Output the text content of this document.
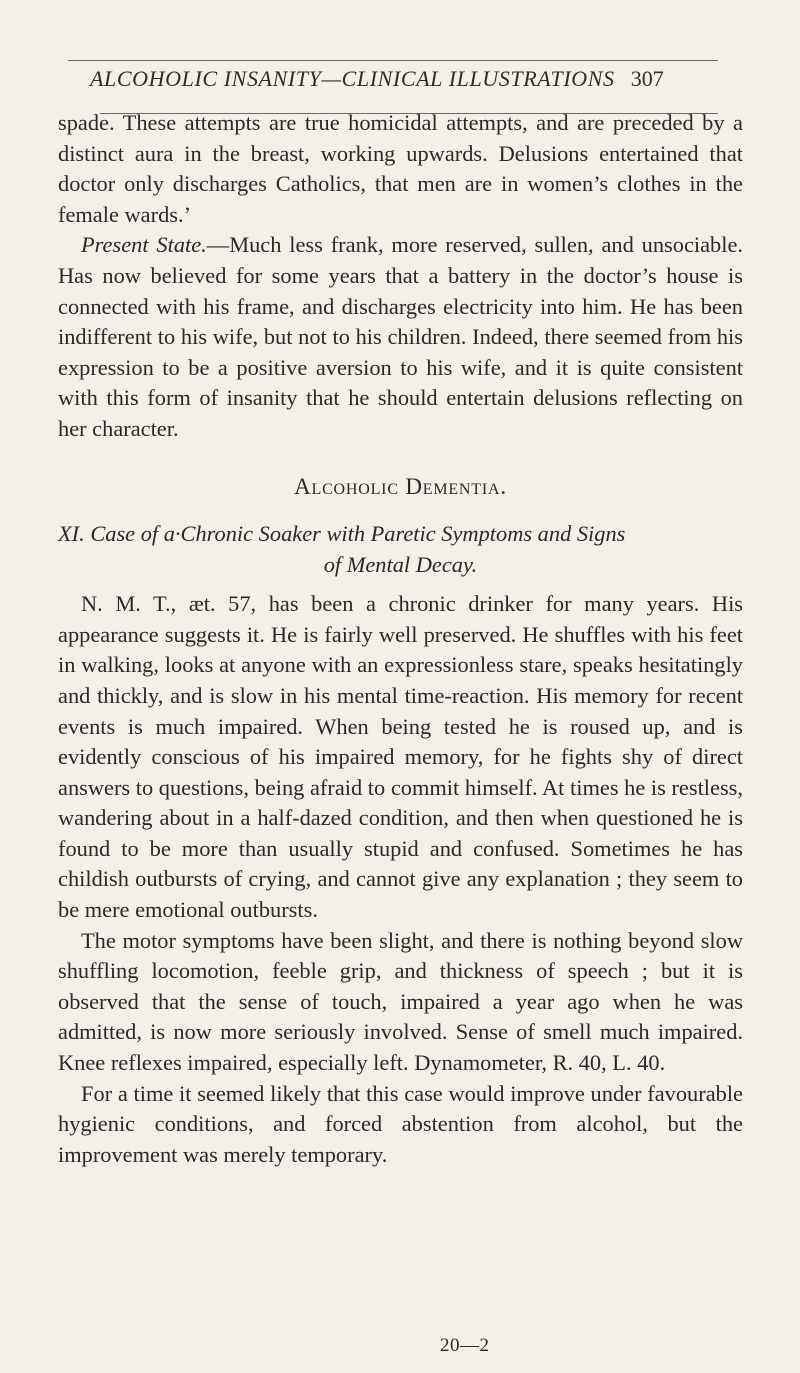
ALCOHOLIC INSANITY—CLINICAL ILLUSTRATIONS 307

spade. These attempts are true homicidal attempts, and are preceded by a distinct aura in the breast, working upwards. Delusions entertained that doctor only discharges Catholics, that men are in women’s clothes in the female wards.’

Present State.—Much less frank, more reserved, sullen, and unsociable. Has now believed for some years that a battery in the doctor’s house is connected with his frame, and discharges electricity into him. He has been indifferent to his wife, but not to his children. Indeed, there seemed from his expression to be a positive aversion to his wife, and it is quite consistent with this form of insanity that he should entertain delusions reflecting on her character.

Alcoholic Dementia.
XI. Case of a·Chronic Soaker with Paretic Symptoms and Signs
of Mental Decay.

N. M. T., æt. 57, has been a chronic drinker for many years. His appearance suggests it. He is fairly well preserved. He shuffles with his feet in walking, looks at anyone with an expressionless stare, speaks hesitatingly and thickly, and is slow in his mental time-reaction. His memory for recent events is much impaired. When being tested he is roused up, and is evidently conscious of his impaired memory, for he fights shy of direct answers to questions, being afraid to commit himself. At times he is restless, wandering about in a half-dazed condition, and then when questioned he is found to be more than usually stupid and confused. Sometimes he has childish outbursts of crying, and cannot give any explanation ; they seem to be mere emotional outbursts.

The motor symptoms have been slight, and there is nothing beyond slow shuffling locomotion, feeble grip, and thickness of speech ; but it is observed that the sense of touch, impaired a year ago when he was admitted, is now more seriously involved. Sense of smell much impaired. Knee reflexes impaired, especially left. Dynamometer, R. 40, L. 40.

For a time it seemed likely that this case would improve under favourable hygienic conditions, and forced abstention from alcohol, but the improvement was merely temporary.

20—2
